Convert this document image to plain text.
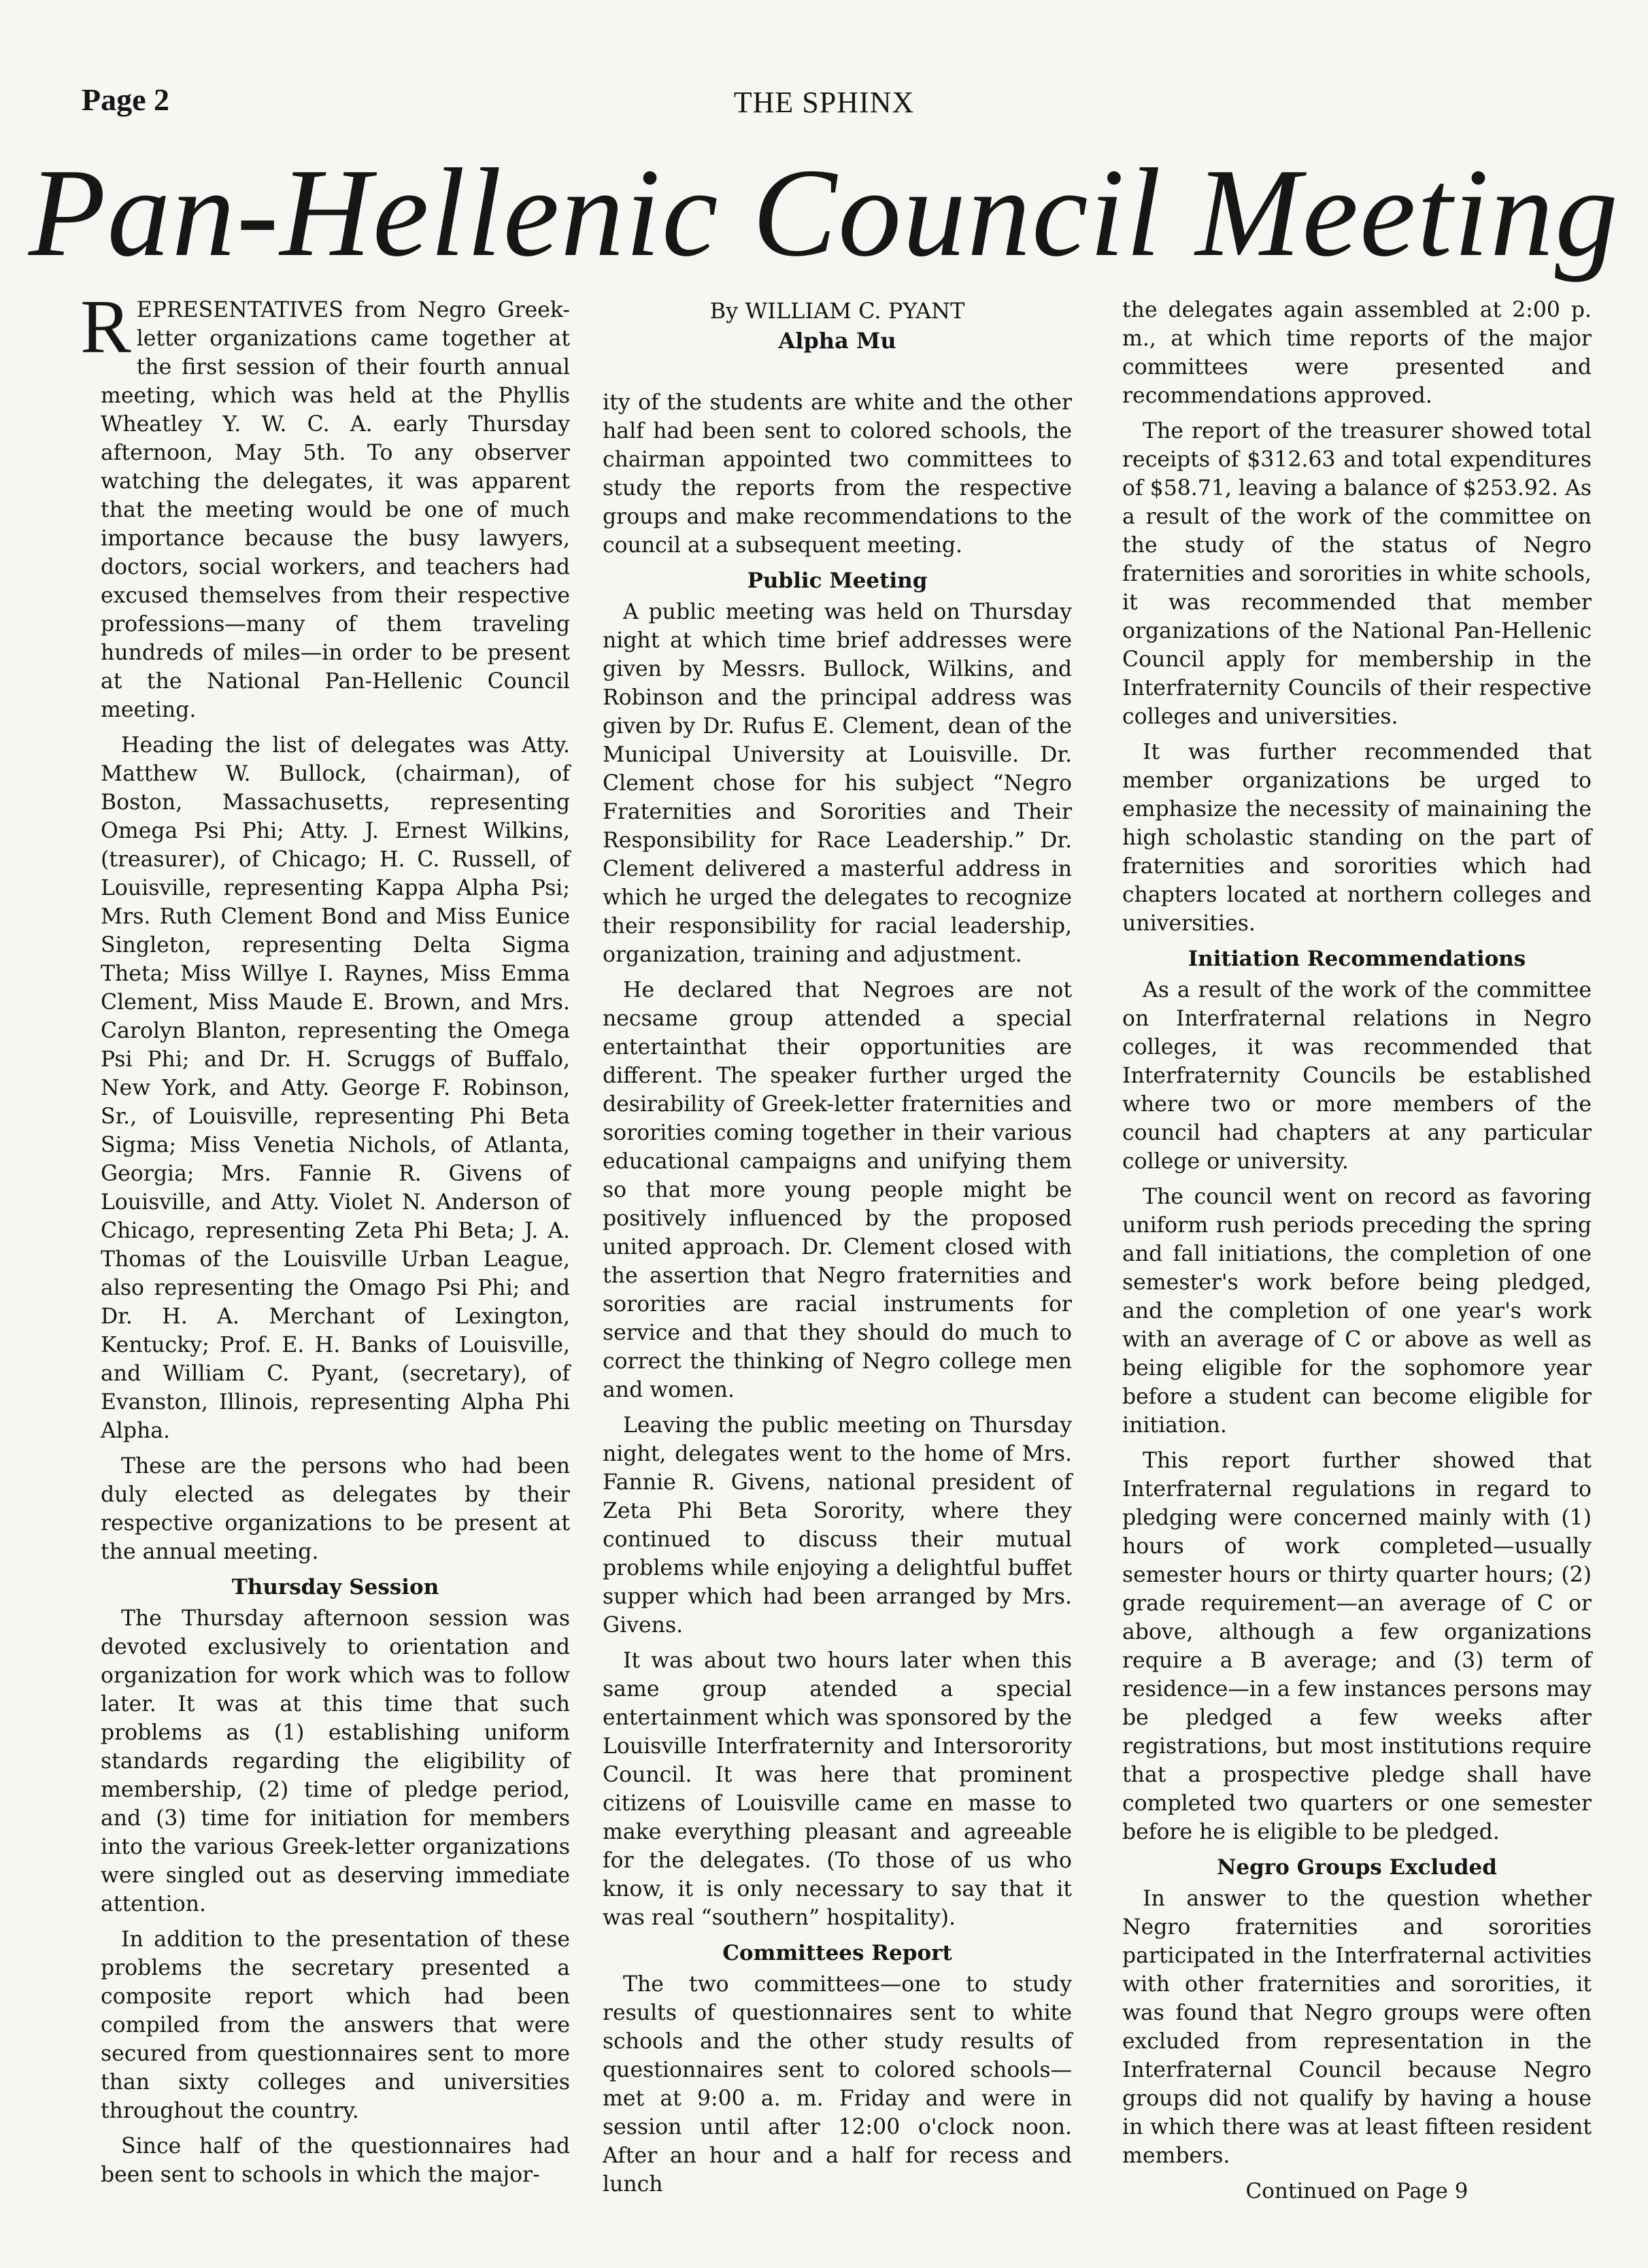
Page 2	THE SPHINX
Pan-Hellenic Council Meeting

REPRESENTATIVES from Negro Greek-letter organizations came together at the first session of their fourth annual meeting, which was held at the Phyllis Wheatley Y. W. C. A. early Thursday afternoon, May 5th. To any observer watching the delegates, it was apparent that the meeting would be one of much importance because the busy lawyers, doctors, social workers, and teachers had excused themselves from their respective professions—many of them traveling hundreds of miles—in order to be present at the National Pan-Hellenic Council meeting.

Heading the list of delegates was Atty. Matthew W. Bullock, (chairman), of Boston, Massachusetts, representing Omega Psi Phi; Atty. J. Ernest Wilkins, (treasurer), of Chicago; H. C. Russell, of Louisville, representing Kappa Alpha Psi; Mrs. Ruth Clement Bond and Miss Eunice Singleton, representing Delta Sigma Theta; Miss Willye I. Raynes, Miss Emma Clement, Miss Maude E. Brown, and Mrs. Carolyn Blanton, representing the Omega Psi Phi; and Dr. H. Scruggs of Buffalo, New York, and Atty. George F. Robinson, Sr., of Louisville, representing Phi Beta Sigma; Miss Venetia Nichols, of Atlanta, Georgia; Mrs. Fannie R. Givens of Louisville, and Atty. Violet N. Anderson of Chicago, representing Zeta Phi Beta; J. A. Thomas of the Louisville Urban League, also representing the Omago Psi Phi; and Dr. H. A. Merchant of Lexington, Kentucky; Prof. E. H. Banks of Louisville, and William C. Pyant, (secretary), of Evanston, Illinois, representing Alpha Phi Alpha.

These are the persons who had been duly elected as delegates by their respective organizations to be present at the annual meeting.

Thursday Session

The Thursday afternoon session was devoted exclusively to orientation and organization for work which was to follow later. It was at this time that such problems as (1) establishing uniform standards regarding the eligibility of membership, (2) time of pledge period, and (3) time for initiation for members into the various Greek-letter organizations were singled out as deserving immediate attention.

In addition to the presentation of these problems the secretary presented a composite report which had been compiled from the answers that were secured from questionnaires sent to more than sixty colleges and universities throughout the country.

Since half of the questionnaires had been sent to schools in which the major-

By WILLIAM C. PYANT
Alpha Mu

ity of the students are white and the other half had been sent to colored schools, the chairman appointed two committees to study the reports from the respective groups and make recommendations to the council at a subsequent meeting.

Public Meeting

A public meeting was held on Thursday night at which time brief addresses were given by Messrs. Bullock, Wilkins, and Robinson and the principal address was given by Dr. Rufus E. Clement, dean of the Municipal University at Louisville. Dr. Clement chose for his subject “Negro Fraternities and Sororities and Their Responsibility for Race Leadership.” Dr. Clement delivered a masterful address in which he urged the delegates to recognize their responsibility for racial leadership, organization, training and adjustment.

He declared that Negroes are not necsame group attended a special entertainthat their opportunities are different. The speaker further urged the desirability of Greek-letter fraternities and sororities coming together in their various educational campaigns and unifying them so that more young people might be positively influenced by the proposed united approach. Dr. Clement closed with the assertion that Negro fraternities and sororities are racial instruments for service and that they should do much to correct the thinking of Negro college men and women.

Leaving the public meeting on Thursday night, delegates went to the home of Mrs. Fannie R. Givens, national president of Zeta Phi Beta Sorority, where they continued to discuss their mutual problems while enjoying a delightful buffet supper which had been arranged by Mrs. Givens.

It was about two hours later when this same group atended a special entertainment which was sponsored by the Louisville Interfraternity and Intersorority Council. It was here that prominent citizens of Louisville came en masse to make everything pleasant and agreeable for the delegates. (To those of us who know, it is only necessary to say that it was real “southern” hospitality).

Committees Report

The two committees—one to study results of questionnaires sent to white schools and the other study results of questionnaires sent to colored schools—met at 9:00 a. m. Friday and were in session until after 12:00 o'clock noon. After an hour and a half for recess and lunch

the delegates again assembled at 2:00 p. m., at which time reports of the major committees were presented and recommendations approved.

The report of the treasurer showed total receipts of $312.63 and total expenditures of $58.71, leaving a balance of $253.92. As a result of the work of the committee on the study of the status of Negro fraternities and sororities in white schools, it was recommended that member organizations of the National Pan-Hellenic Council apply for membership in the Interfraternity Councils of their respective colleges and universities.

It was further recommended that member organizations be urged to emphasize the necessity of mainaining the high scholastic standing on the part of fraternities and sororities which had chapters located at northern colleges and universities.

Initiation Recommendations

As a result of the work of the committee on Interfraternal relations in Negro colleges, it was recommended that Interfraternity Councils be established where two or more members of the council had chapters at any particular college or university.

The council went on record as favoring uniform rush periods preceding the spring and fall initiations, the completion of one semester's work before being pledged, and the completion of one year's work with an average of C or above as well as being eligible for the sophomore year before a student can become eligible for initiation.

This report further showed that Interfraternal regulations in regard to pledging were concerned mainly with (1) hours of work completed—usually semester hours or thirty quarter hours; (2) grade requirement—an average of C or above, although a few organizations require a B average; and (3) term of residence—in a few instances persons may be pledged a few weeks after registrations, but most institutions require that a prospective pledge shall have completed two quarters or one semester before he is eligible to be pledged.

Negro Groups Excluded

In answer to the question whether Negro fraternities and sororities participated in the Interfraternal activities with other fraternities and sororities, it was found that Negro groups were often excluded from representation in the Interfraternal Council because Negro groups did not qualify by having a house in which there was at least fifteen resident members.

Continued on Page 9
